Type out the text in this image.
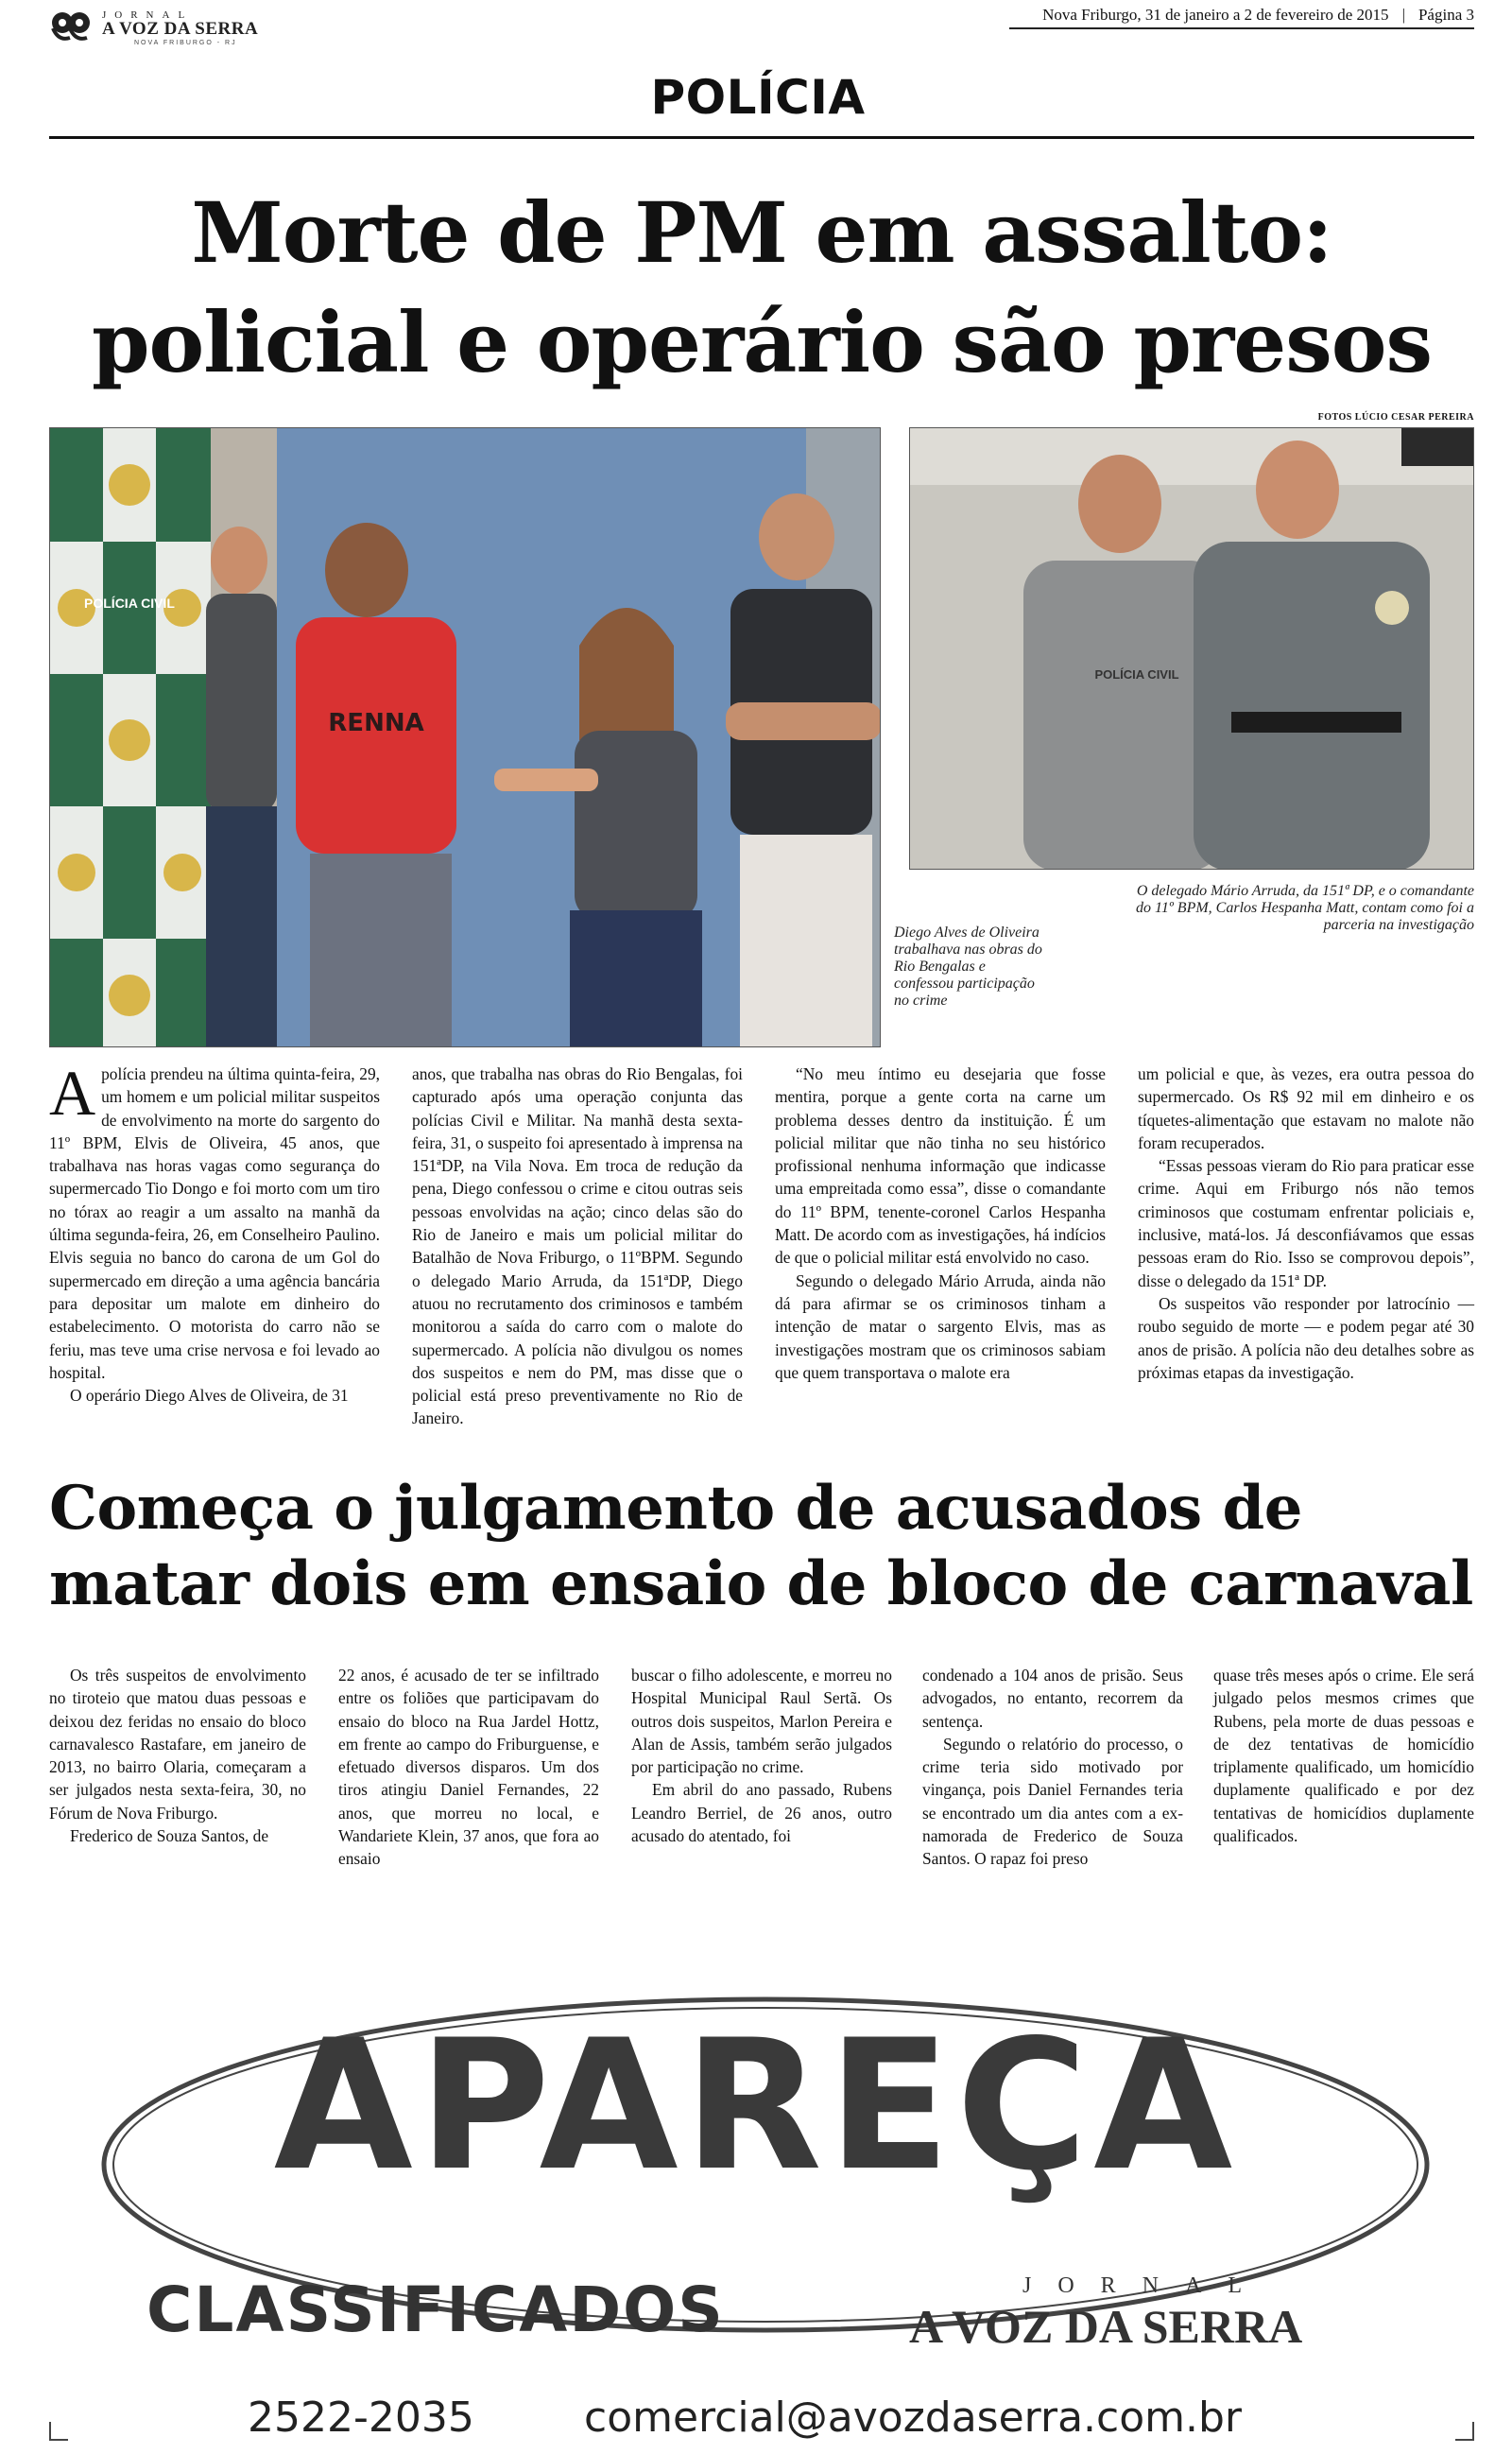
JORNAL
A VOZ DA SERRA
NOVA FRIBURGO - RJ
Nova Friburgo, 31 de janeiro a 2 de fevereiro de 2015 | Página 3
POLÍCIA
Morte de PM em assalto:
policial e operário são presos
FOTOS LÚCIO CESAR PEREIRA
POLÍCIA CIVIL
RENNA
POLÍCIA CIVIL
Diego Alves de Oliveira trabalhava nas obras do Rio Bengalas e confessou participação no crime
O delegado Mário Arruda, da 151ª DP, e o comandante do 11º BPM, Carlos Hespanha Matt, contam como foi a parceria na investigação

Apolícia prendeu na última quinta-feira, 29, um homem e um policial militar suspeitos de envolvimento na morte do sargento do 11º BPM, Elvis de Oliveira, 45 anos, que trabalhava nas horas vagas como segurança do supermercado Tio Dongo e foi morto com um tiro no tórax ao reagir a um assalto na manhã da última segunda-feira, 26, em Conselheiro Paulino. Elvis seguia no banco do carona de um Gol do supermercado em direção a uma agência bancária para depositar um malote em dinheiro do estabelecimento. O motorista do carro não se feriu, mas teve uma crise nervosa e foi levado ao hospital.

O operário Diego Alves de Oliveira, de 31

anos, que trabalha nas obras do Rio Bengalas, foi capturado após uma operação conjunta das polícias Civil e Militar. Na manhã desta sexta-feira, 31, o suspeito foi apresentado à imprensa na 151ªDP, na Vila Nova. Em troca de redução da pena, Diego confessou o crime e citou outras seis pessoas envolvidas na ação; cinco delas são do Rio de Janeiro e mais um policial militar do Batalhão de Nova Friburgo, o 11ºBPM. Segundo o delegado Mario Arruda, da 151ªDP, Diego atuou no recrutamento dos criminosos e também monitorou a saída do carro com o malote do supermercado. A polícia não divulgou os nomes dos suspeitos e nem do PM, mas disse que o policial está preso preventivamente no Rio de Janeiro.

“No meu íntimo eu desejaria que fosse mentira, porque a gente corta na carne um problema desses dentro da instituição. É um policial militar que não tinha no seu histórico profissional nenhuma informação que indicasse uma empreitada como essa”, disse o comandante do 11º BPM, tenente-coronel Carlos Hespanha Matt. De acordo com as investigações, há indícios de que o policial militar está envolvido no caso.

Segundo o delegado Mário Arruda, ainda não dá para afirmar se os criminosos tinham a intenção de matar o sargento Elvis, mas as investigações mostram que os criminosos sabiam que quem transportava o malote era

um policial e que, às vezes, era outra pessoa do supermercado. Os R$ 92 mil em dinheiro e os tíquetes-alimentação que estavam no malote não foram recuperados.

“Essas pessoas vieram do Rio para praticar esse crime. Aqui em Friburgo nós não temos criminosos que costumam enfrentar policiais e, inclusive, matá-los. Já desconfiávamos que essas pessoas eram do Rio. Isso se comprovou depois”, disse o delegado da 151ª DP.

Os suspeitos vão responder por latrocínio — roubo seguido de morte — e podem pegar até 30 anos de prisão. A polícia não deu detalhes sobre as próximas etapas da investigação.

Começa o julgamento de acusados de
matar dois em ensaio de bloco de carnaval

Os três suspeitos de envolvimento no tiroteio que matou duas pessoas e deixou dez feridas no ensaio do bloco carnavalesco Rastafare, em janeiro de 2013, no bairro Olaria, começaram a ser julgados nesta sexta-feira, 30, no Fórum de Nova Friburgo.

Frederico de Souza Santos, de

22 anos, é acusado de ter se infiltrado entre os foliões que participavam do ensaio do bloco na Rua Jardel Hottz, em frente ao campo do Friburguense, e efetuado diversos disparos. Um dos tiros atingiu Daniel Fernandes, 22 anos, que morreu no local, e Wandariete Klein, 37 anos, que fora ao ensaio

buscar o filho adolescente, e morreu no Hospital Municipal Raul Sertã. Os outros dois suspeitos, Marlon Pereira e Alan de Assis, também serão julgados por participação no crime.

Em abril do ano passado, Rubens Leandro Berriel, de 26 anos, outro acusado do atentado, foi

condenado a 104 anos de prisão. Seus advogados, no entanto, recorrem da sentença.

Segundo o relatório do processo, o crime teria sido motivado por vingança, pois Daniel Fernandes teria se encontrado um dia antes com a ex-namorada de Frederico de Souza Santos. O rapaz foi preso

quase três meses após o crime. Ele será julgado pelos mesmos crimes que Rubens, pela morte de duas pessoas e de dez tentativas de homicídio triplamente qualificado, um homicídio duplamente qualificado e por dez tentativas de homicídios duplamente qualificados.

APAREÇA
CLASSIFICADOS	JORNAL
A VOZ DA SERRA
2522-2035	comercial@avozdaserra.com.br
